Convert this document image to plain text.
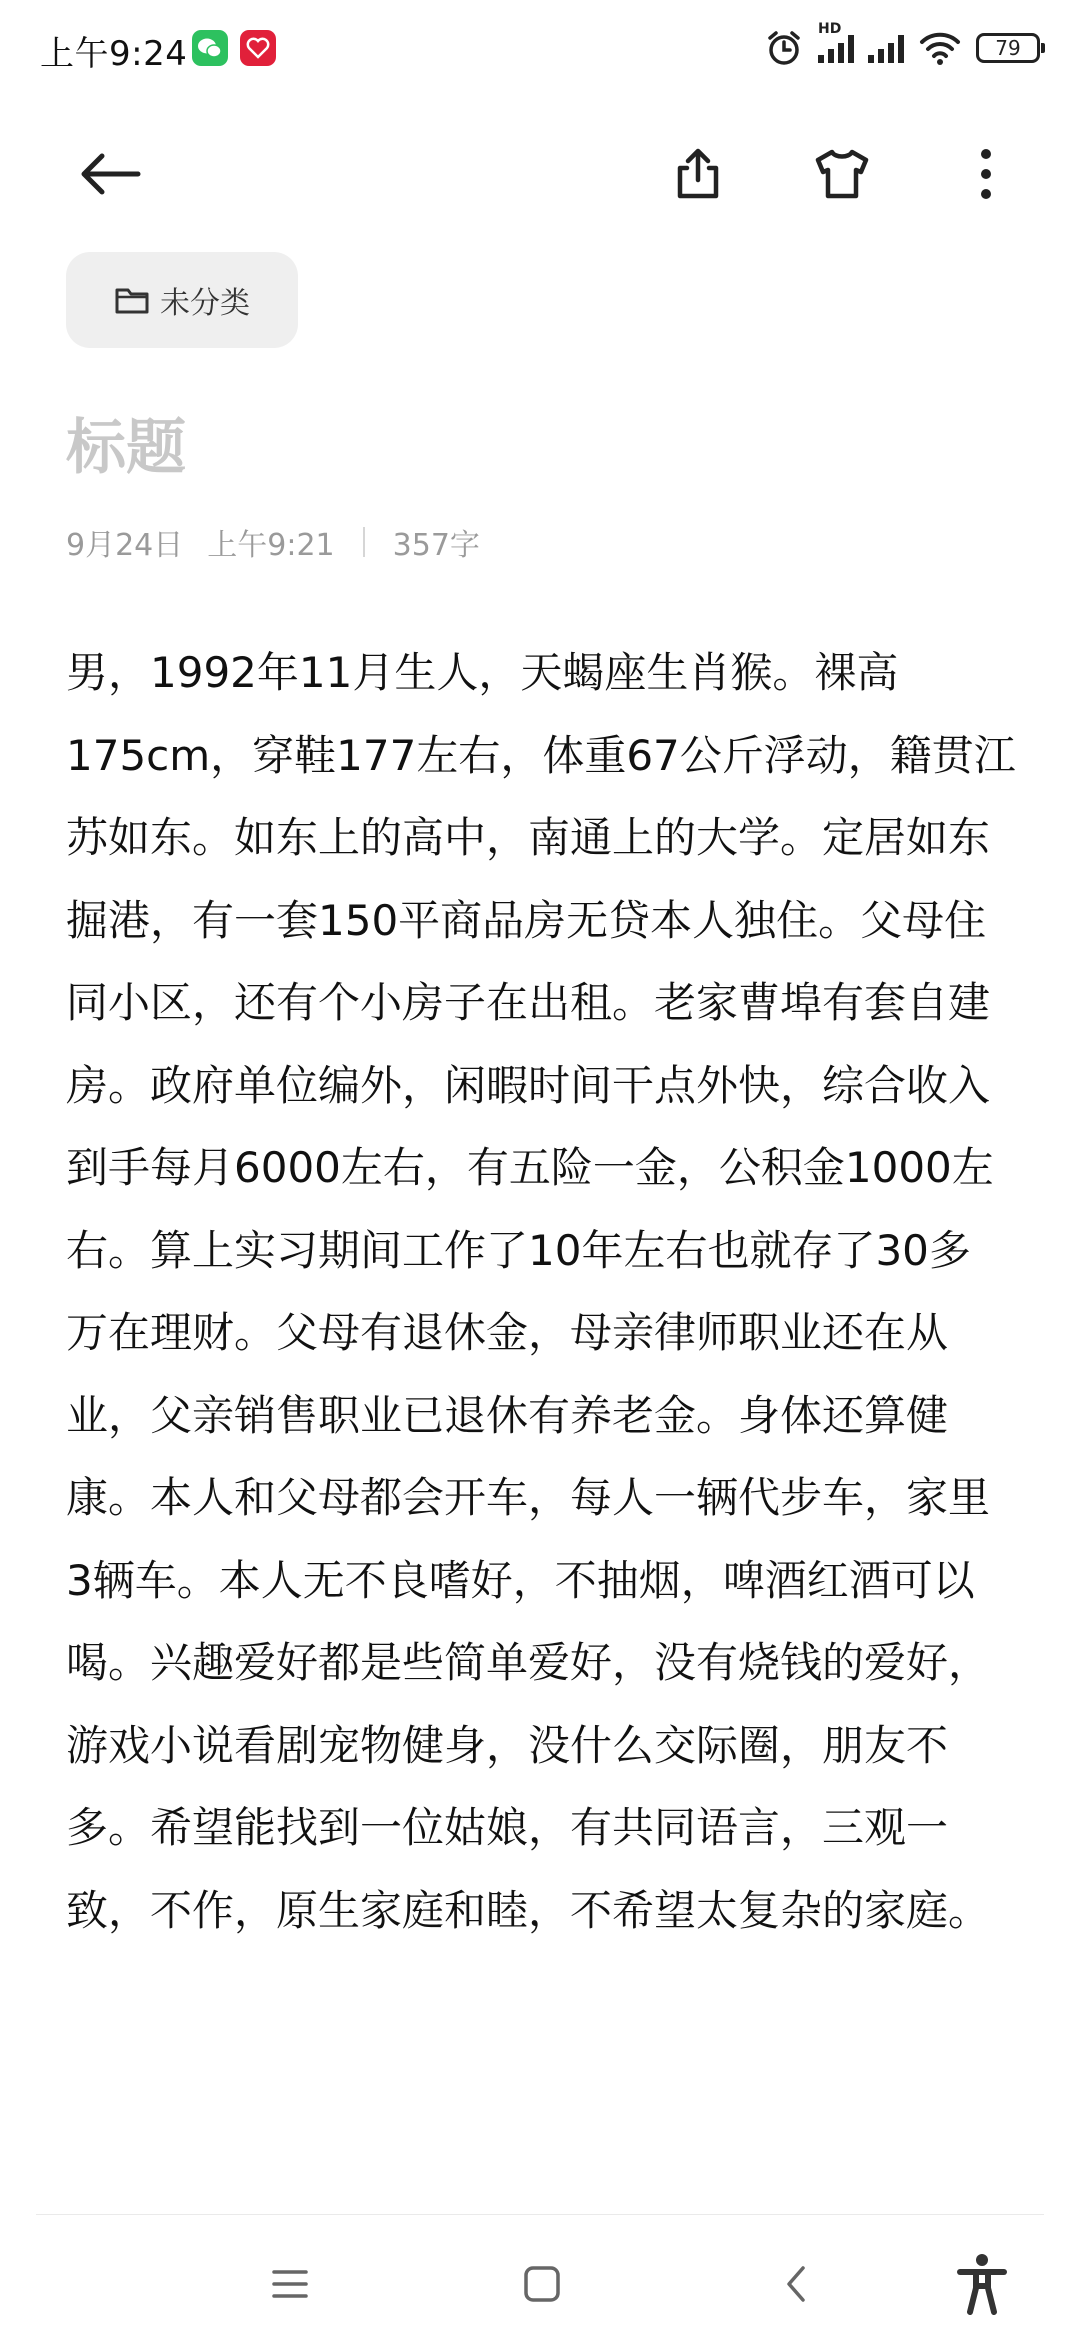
上午9:24
HD
79
未分类
标题
9月24日 上午9:21 357字
男，1992年11月生人，天蝎座生肖猴。裸高
175cm，穿鞋177左右，体重67公斤浮动，籍贯江
苏如东。如东上的高中，南通上的大学。定居如东
掘港，有一套150平商品房无贷本人独住。父母住
同小区，还有个小房子在出租。老家曹埠有套自建
房。政府单位编外，闲暇时间干点外快，综合收入
到手每月6000左右，有五险一金，公积金1000左
右。算上实习期间工作了10年左右也就存了30多
万在理财。父母有退休金，母亲律师职业还在从
业，父亲销售职业已退休有养老金。身体还算健
康。本人和父母都会开车，每人一辆代步车，家里
3辆车。本人无不良嗜好，不抽烟，啤酒红酒可以
喝。兴趣爱好都是些简单爱好，没有烧钱的爱好，
游戏小说看剧宠物健身，没什么交际圈，朋友不
多。希望能找到一位姑娘，有共同语言，三观一
致，不作，原生家庭和睦，不希望太复杂的家庭。
